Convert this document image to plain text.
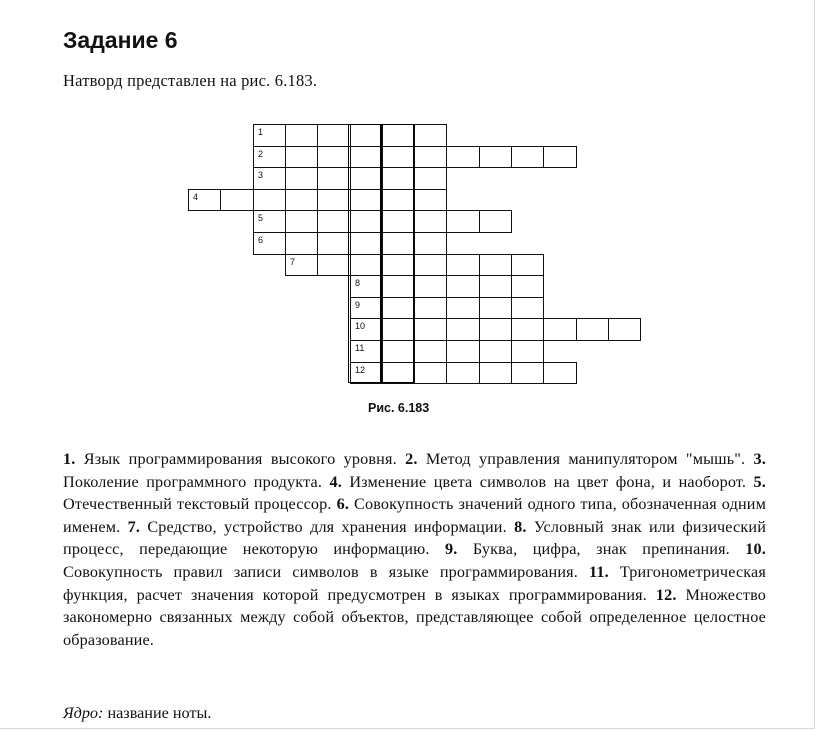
Задание 6
Натворд представлен на рис. 6.183.
1
2
3
4
5
6
7
8
9
10
11
12
Рис. 6.183
1. Язык программирования высокого уровня. 2. Метод управления манипулятором "мышь". 3. Поколение программного продукта. 4. Изменение цвета символов на цвет фона, и наоборот. 5. Отечественный текстовый процессор. 6. Совокупность значений одного типа, обозначенная одним именем. 7. Средство, устройство для хранения информации. 8. Условный знак или физический процесс, передающие некоторую информацию. 9. Буква, цифра, знак препинания. 10. Совокупность правил записи символов в языке программирования. 11. Тригонометрическая функция, расчет значения которой предусмотрен в языках программирования. 12. Множество закономерно связанных между собой объектов, представляющее собой определенное целостное образование.
Ядро: название ноты.
